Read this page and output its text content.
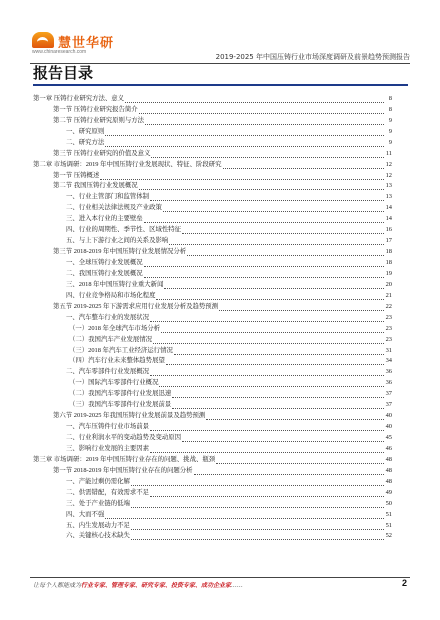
慧世华研
www.chinaresearch.com
2019-2025 年中国压铸行业市场深度调研及前景趋势预测报告
报告目录
第一章 压铸行业研究方法、意义	8
第一节 压铸行业研究报告简介	8
第二节 压铸行业研究原则与方法	9
一、研究原则	9
二、研究方法	9
第三节 压铸行业研究的价值及意义	11
第二章 市场调研：2019 年中国压铸行业发展现状、特征、阶段研究	12
第一节 压铸概述	12
第二节 我国压铸行业发展概况	13
一、行业主管部门和监管体制	13
二、行业相关法律法规及产业政策	14
三、进入本行业的主要壁垒	14
四、行业的周期性、季节性、区域性特征	16
五、与上下游行业之间的关系及影响	17
第三节 2018-2019 年中国压铸行业发展情况分析	18
一、全球压铸行业发展概况	18
二、我国压铸行业发展概况	19
三、2018 年中国压铸行业重大新闻	20
四、行业竞争格局和市场化程度	21
第五节 2019-2025 年下游需求应用行业发展分析及趋势预测	22
一、汽车整车行业的发展状况	23
（一）2018 年全球汽车市场分析	23
（二）我国汽车产业发展情况	23
（三）2018 年汽车工业经济运行情况	31
（四）汽车行业未来整体趋势展望	34
二、汽车零部件行业发展概况	36
（一）国际汽车零部件行业概况	36
（二）我国汽车零部件行业发展迅速	37
（三）我国汽车零部件行业发展前景	37
第六节 2019-2025 年我国压铸行业发展前景及趋势预测	40
一、汽车压铸件行业市场前景	40
二、行业利润水平的变动趋势及变动原因	45
三、影响行业发展的主要因素	46
第三章 市场调研：2019 年中国压铸行业存在的问题、挑战、瓶颈	48
第一节 2018-2019 年中国压铸行业存在的问题分析	48
一、产能过剩仍需化解	48
二、供需错配，有效需求不足	49
三、处于产业链的低端	50
四、大而不强	51
五、内生发展动力不足	51
六、关键核心技术缺失	52
让每个人都能成为行业专家、管理专家、研究专家、投资专家、成功企业家……	2
